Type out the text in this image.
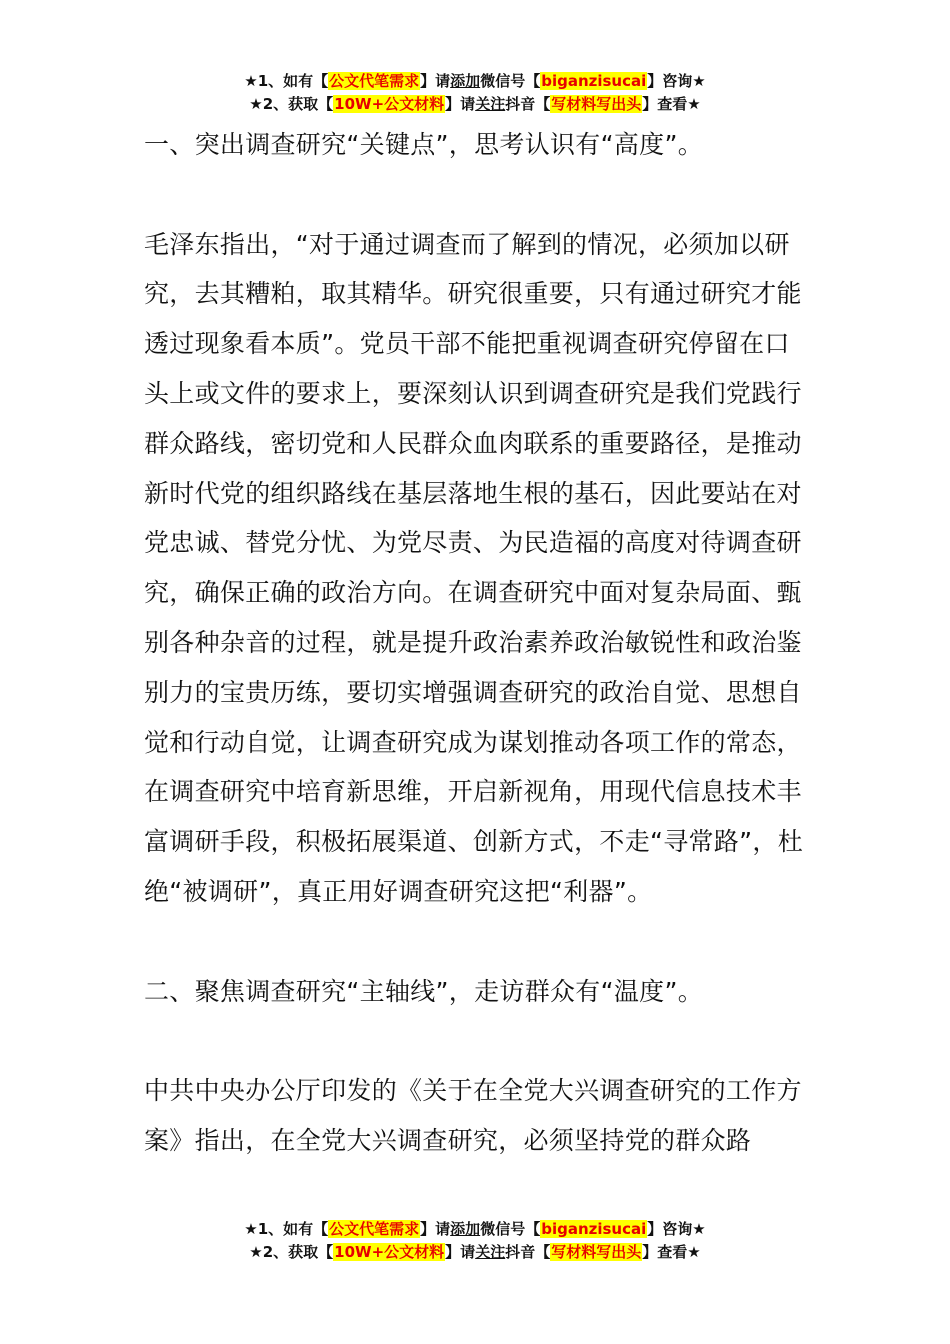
★1、如有【公文代笔需求】请添加微信号【biganzisucai】咨询★
★2、获取【10W+公文材料】请关注抖音【写材料写出头】查看★

一、突出调查研究“关键点”，思考认识有“高度”。

毛泽东指出，“对于通过调查而了解到的情况，必须加以研究，去其糟粕，取其精华。研究很重要，只有通过研究才能透过现象看本质”。党员干部不能把重视调查研究停留在口头上或文件的要求上，要深刻认识到调查研究是我们党践行群众路线，密切党和人民群众血肉联系的重要路径，是推动新时代党的组织路线在基层落地生根的基石，因此要站在对党忠诚、替党分忧、为党尽责、为民造福的高度对待调查研究，确保正确的政治方向。在调查研究中面对复杂局面、甄别各种杂音的过程，就是提升政治素养政治敏锐性和政治鉴别力的宝贵历练，要切实增强调查研究的政治自觉、思想自觉和行动自觉，让调查研究成为谋划推动各项工作的常态，在调查研究中培育新思维，开启新视角，用现代信息技术丰富调研手段，积极拓展渠道、创新方式，不走“寻常路”，杜绝“被调研”，真正用好调查研究这把“利器”。

二、聚焦调查研究“主轴线”，走访群众有“温度”。

中共中央办公厅印发的《关于在全党大兴调查研究的工作方案》指出，在全党大兴调查研究，必须坚持党的群众路

★1、如有【公文代笔需求】请添加微信号【biganzisucai】咨询★
★2、获取【10W+公文材料】请关注抖音【写材料写出头】查看★
